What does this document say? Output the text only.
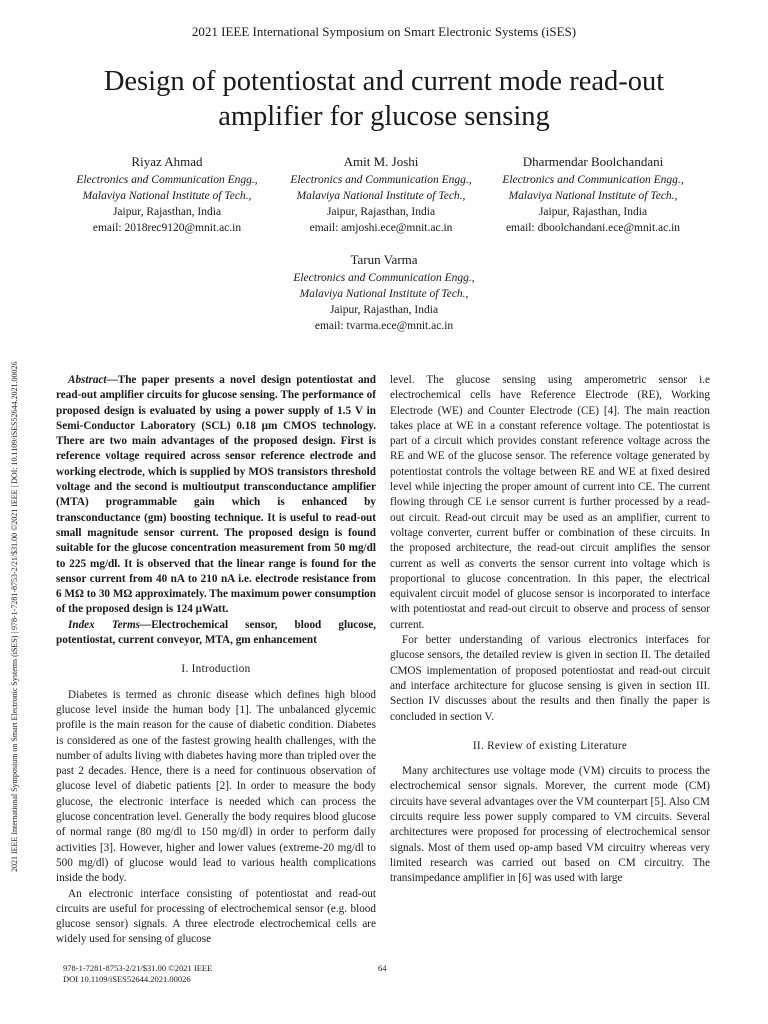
2021 IEEE International Symposium on Smart Electronic Systems (iSES)
Design of potentiostat and current mode read-out
amplifier for glucose sensing
Riyaz Ahmad
Electronics and Communication Engg.,
Malaviya National Institute of Tech.,
Jaipur, Rajasthan, India
email: 2018rec9120@mnit.ac.in
Amit M. Joshi
Electronics and Communication Engg.,
Malaviya National Institute of Tech.,
Jaipur, Rajasthan, India
email: amjoshi.ece@mnit.ac.in
Dharmendar Boolchandani
Electronics and Communication Engg.,
Malaviya National Institute of Tech.,
Jaipur, Rajasthan, India
email: dboolchandani.ece@mnit.ac.in
Tarun Varma
Electronics and Communication Engg.,
Malaviya National Institute of Tech.,
Jaipur, Rajasthan, India
email: tvarma.ece@mnit.ac.in
2021 IEEE International Symposium on Smart Electronic Systems (iSES) | 978-1-7281-8753-2/21/$31.00 ©2021 IEEE | DOI: 10.1109/iSES52644.2021.00026	Abstract—The paper presents a novel design potentiostat and read-out amplifier circuits for glucose sensing. The performance of proposed design is evaluated by using a power supply of 1.5 V in Semi-Conductor Laboratory (SCL) 0.18 μm CMOS technology. There are two main advantages of the proposed design. First is reference voltage required across sensor reference electrode and working electrode, which is supplied by MOS transistors threshold voltage and the second is multioutput transconductance amplifier (MTA) programmable gain which is enhanced by transconductance (gm) boosting technique. It is useful to read-out small magnitude sensor current. The proposed design is found suitable for the glucose concentration measurement from 50 mg/dl to 225 mg/dl. It is observed that the linear range is found for the sensor current from 40 nA to 210 nA i.e. electrode resistance from 6 MΩ to 30 MΩ approximately. The maximum power consumption of the proposed design is 124 μWatt.

Index Terms—Electrochemical sensor, blood glucose, potentiostat, current conveyor, MTA, gm enhancement

I. Introduction

Diabetes is termed as chronic disease which defines high blood glucose level inside the human body [1]. The unbalanced glycemic profile is the main reason for the cause of diabetic condition. Diabetes is considered as one of the fastest growing health challenges, with the number of adults living with diabetes having more than tripled over the past 2 decades. Hence, there is a need for continuous observation of glucose level of diabetic patients [2]. In order to measure the body glucose, the electronic interface is needed which can process the glucose concentration level. Generally the body requires blood glucose of normal range (80 mg/dl to 150 mg/dl) in order to perform daily activities [3]. However, higher and lower values (extreme-20 mg/dl to 500 mg/dl) of glucose would lead to various health complications inside the body.

An electronic interface consisting of potentiostat and read-out circuits are useful for processing of electrochemical sensor (e.g. blood glucose sensor) signals. A three electrode electrochemical cells are widely used for sensing of glucose

level. The glucose sensing using amperometric sensor i.e electrochemical cells have Reference Electrode (RE), Working Electrode (WE) and Counter Electrode (CE) [4]. The main reaction takes place at WE in a constant reference voltage. The potentiostat is part of a circuit which provides constant reference voltage across the RE and WE of the glucose sensor. The reference voltage generated by potentiostat controls the voltage between RE and WE at fixed desired level while injecting the proper amount of current into CE. The current flowing through CE i.e sensor current is further processed by a read-out circuit. Read-out circuit may be used as an amplifier, current to voltage converter, current buffer or combination of these circuits. In the proposed architecture, the read-out circuit amplifies the sensor current as well as converts the sensor current into voltage which is proportional to glucose concentration. In this paper, the electrical equivalent circuit model of glucose sensor is incorporated to interface with potentiostat and read-out circuit to observe and process of sensor current.

For better understanding of various electronics interfaces for glucose sensors, the detailed review is given in section II. The detailed CMOS implementation of proposed potentiostat and read-out circuit and interface architecture for glucose sensing is given in section III. Section IV discusses about the results and then finally the paper is concluded in section V.

II. Review of existing Literature

Many architectures use voltage mode (VM) circuits to process the electrochemical sensor signals. Morever, the current mode (CM) circuits have several advantages over the VM counterpart [5]. Also CM circuits require less power supply compared to VM circuits. Several architectures were proposed for processing of electrochemical sensor signals. Most of them used op-amp based VM circuitry whereas very limited research was carried out based on CM circuitry. The transimpedance amplifier in [6] was used with large

978-1-7281-8753-2/21/$31.00 ©2021 IEEE
DOI 10.1109/iSES52644.2021.00026
64
